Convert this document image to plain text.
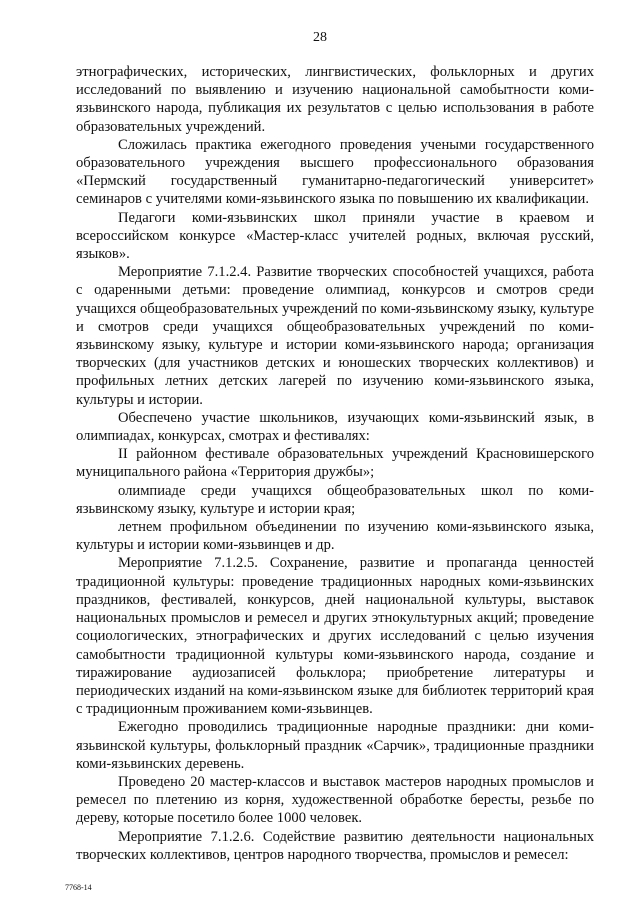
28

этнографических, исторических, лингвистических, фольклорных и других исследований по выявлению и изучению национальной самобытности коми-язьвинского народа, публикация их результатов с целью использования в работе образовательных учреждений.

Сложилась практика ежегодного проведения учеными государственного образовательного учреждения высшего профессионального образования «Пермский государственный гуманитарно-педагогический университет» семинаров с учителями коми-язьвинского языка по повышению их квалификации.

Педагоги коми-язьвинских школ приняли участие в краевом и всероссийском конкурсе «Мастер-класс учителей родных, включая русский, языков».

Мероприятие 7.1.2.4. Развитие творческих способностей учащихся, работа с одаренными детьми: проведение олимпиад, конкурсов и смотров среди учащихся общеобразовательных учреждений по коми-язьвинскому языку, культуре и смотров среди учащихся общеобразовательных учреждений по коми-язьвинскому языку, культуре и истории коми-язьвинского народа; организация творческих (для участников детских и юношеских творческих коллективов) и профильных летних детских лагерей по изучению коми-язьвинского языка, культуры и истории.

Обеспечено участие школьников, изучающих коми-язьвинский язык, в олимпиадах, конкурсах, смотрах и фестивалях:

II районном фестивале образовательных учреждений Красновишерского муниципального района «Территория дружбы»;

олимпиаде среди учащихся общеобразовательных школ по коми-язьвинскому языку, культуре и истории края;

летнем профильном объединении по изучению коми-язьвинского языка, культуры и истории коми-язьвинцев и др.

Мероприятие 7.1.2.5. Сохранение, развитие и пропаганда ценностей традиционной культуры: проведение традиционных народных коми-язьвинских праздников, фестивалей, конкурсов, дней национальной культуры, выставок национальных промыслов и ремесел и других этнокультурных акций; проведение социологических, этнографических и других исследований с целью изучения самобытности традиционной культуры коми-язьвинского народа, создание и тиражирование аудиозаписей фольклора; приобретение литературы и периодических изданий на коми-язьвинском языке для библиотек территорий края с традиционным проживанием коми-язьвинцев.

Ежегодно проводились традиционные народные праздники: дни коми-язьвинской культуры, фольклорный праздник «Сарчик», традиционные праздники коми-язьвинских деревень.

Проведено 20 мастер-классов и выставок мастеров народных промыслов и ремесел по плетению из корня, художественной обработке бересты, резьбе по дереву, которые посетило более 1000 человек.

Мероприятие 7.1.2.6. Содействие развитию деятельности национальных творческих коллективов, центров народного творчества, промыслов и ремесел:

7768-14
